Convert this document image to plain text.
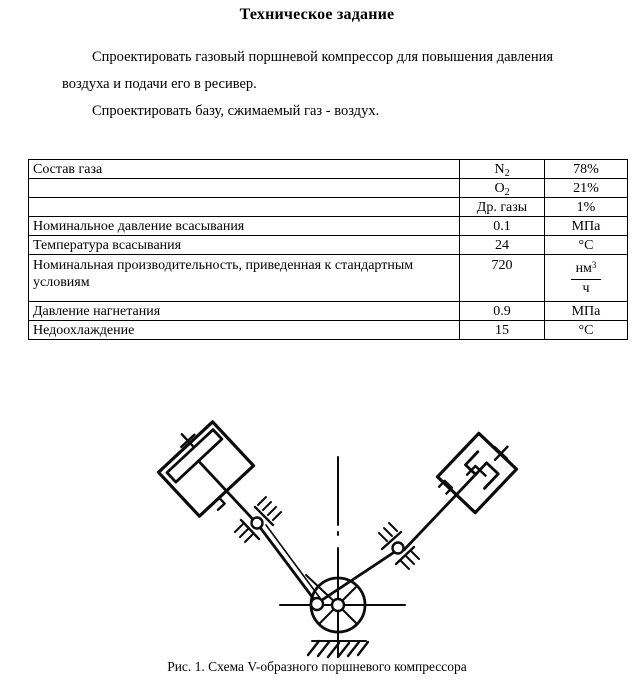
Техническое задание

Спроектировать газовый поршневой компрессор для повышения давления воздуха и подачи его в ресивер.

Спроектировать базу, сжимаемый газ - воздух.

Состав газа	$N_2$	78%
	$O_2$	21%
	Др. газы	1%
Номинальное давление всасывания	0.1	МПа
Температура всасывания	24	°С
Номинальная производительность, приведенная к стандартным условиям	720	$\frac{нм^3}{ч}$

Давление нагнетания	0.9	МПа
Недоохлаждение	15	°С
Рис. 1. Схема V-образного поршневого компрессора
